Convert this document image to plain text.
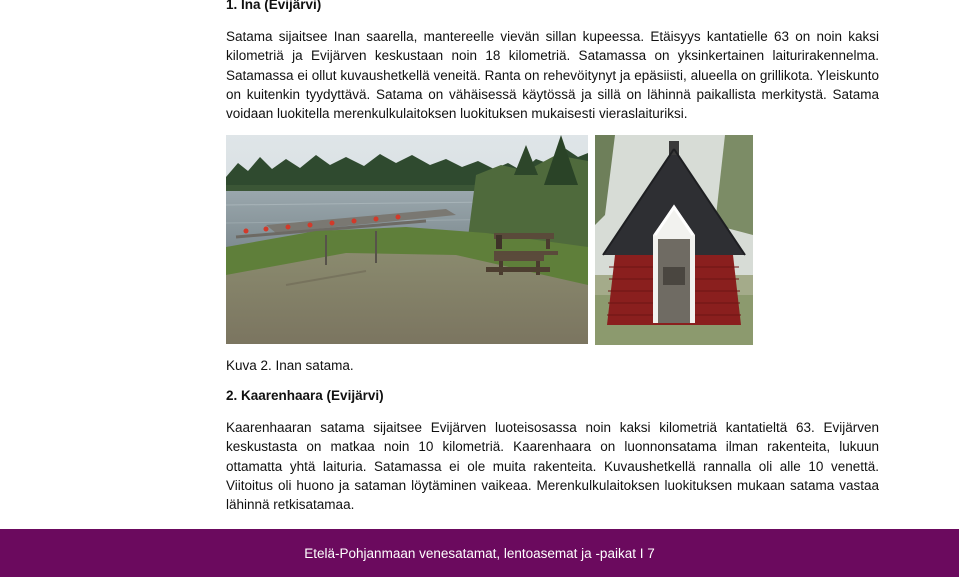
1. Ina (Evijärvi)
Satama sijaitsee Inan saarella, mantereelle vievän sillan kupeessa. Etäisyys kantatielle 63 on noin kaksi kilometriä ja Evijärven keskustaan noin 18 kilometriä. Satamassa on yksinkertainen laiturirakennelma. Satamassa ei ollut kuvaushetkellä veneitä. Ranta on rehevöitynyt ja epäsiisti, alueella on grillikota. Yleiskunto on kuitenkin tyydyttävä. Satama on vähäisessä käytössä ja sillä on lähinnä paikallista merkitystä. Satama voidaan luokitella merenkulkulaitoksen luokituksen mukaisesti vieraslaituriksi.
Kuva 2. Inan satama.
2. Kaarenhaara (Evijärvi)
Kaarenhaaran satama sijaitsee Evijärven luoteisosassa noin kaksi kilometriä kantatieltä 63. Evijärven keskustasta on matkaa noin 10 kilometriä. Kaarenhaara on luonnonsatama ilman rakenteita, lukuun ottamatta yhtä laituria. Satamassa ei ole muita rakenteita. Kuvaushetkellä rannalla oli alle 10 venettä. Viitoitus oli huono ja sataman löytäminen vaikeaa. Merenkulkulaitoksen luokituksen mukaan satama vastaa lähinnä retkisatamaa.
Etelä-Pohjanmaan venesatamat, lentoasemat ja -paikat I 7
